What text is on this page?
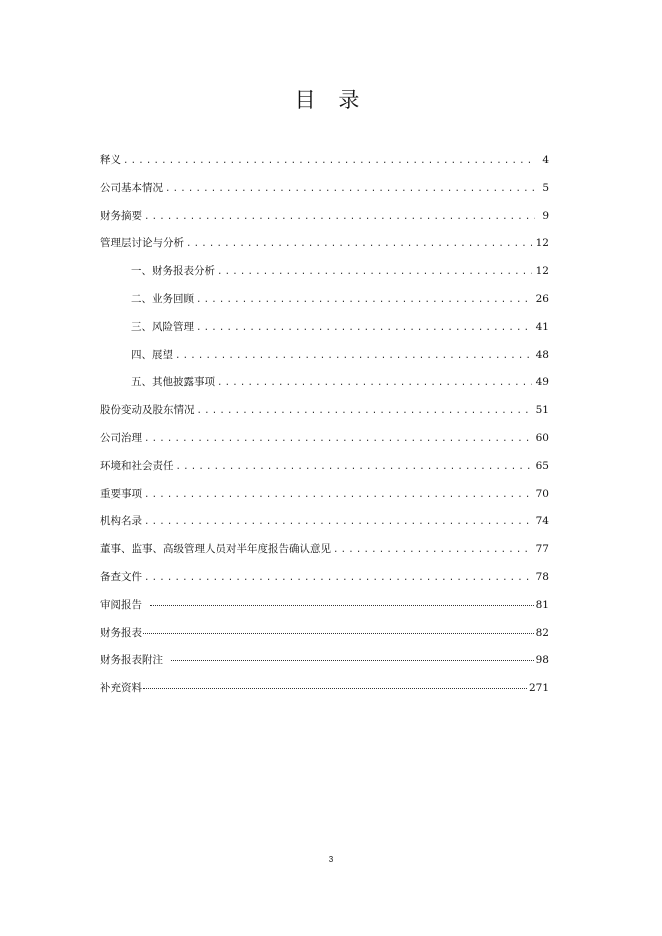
目 录
释义 .....	4
公司基本情况 .....	5
财务摘要 .....	9
管理层讨论与分析 .....	12
一、财务报表分析 .....	12
二、业务回顾 .....	26
三、风险管理 .....	41
四、展望 .....	48
五、其他披露事项 .....	49
股份变动及股东情况 .....	51
公司治理 .....	60
环境和社会责任 .....	65
重要事项 .....	70
机构名录 .....	74
董事、监事、高级管理人员对半年度报告确认意见 .....	77
备查文件 .....	78
审阅报告	81
财务报表	82
财务报表附注	98
补充资料	271
3
